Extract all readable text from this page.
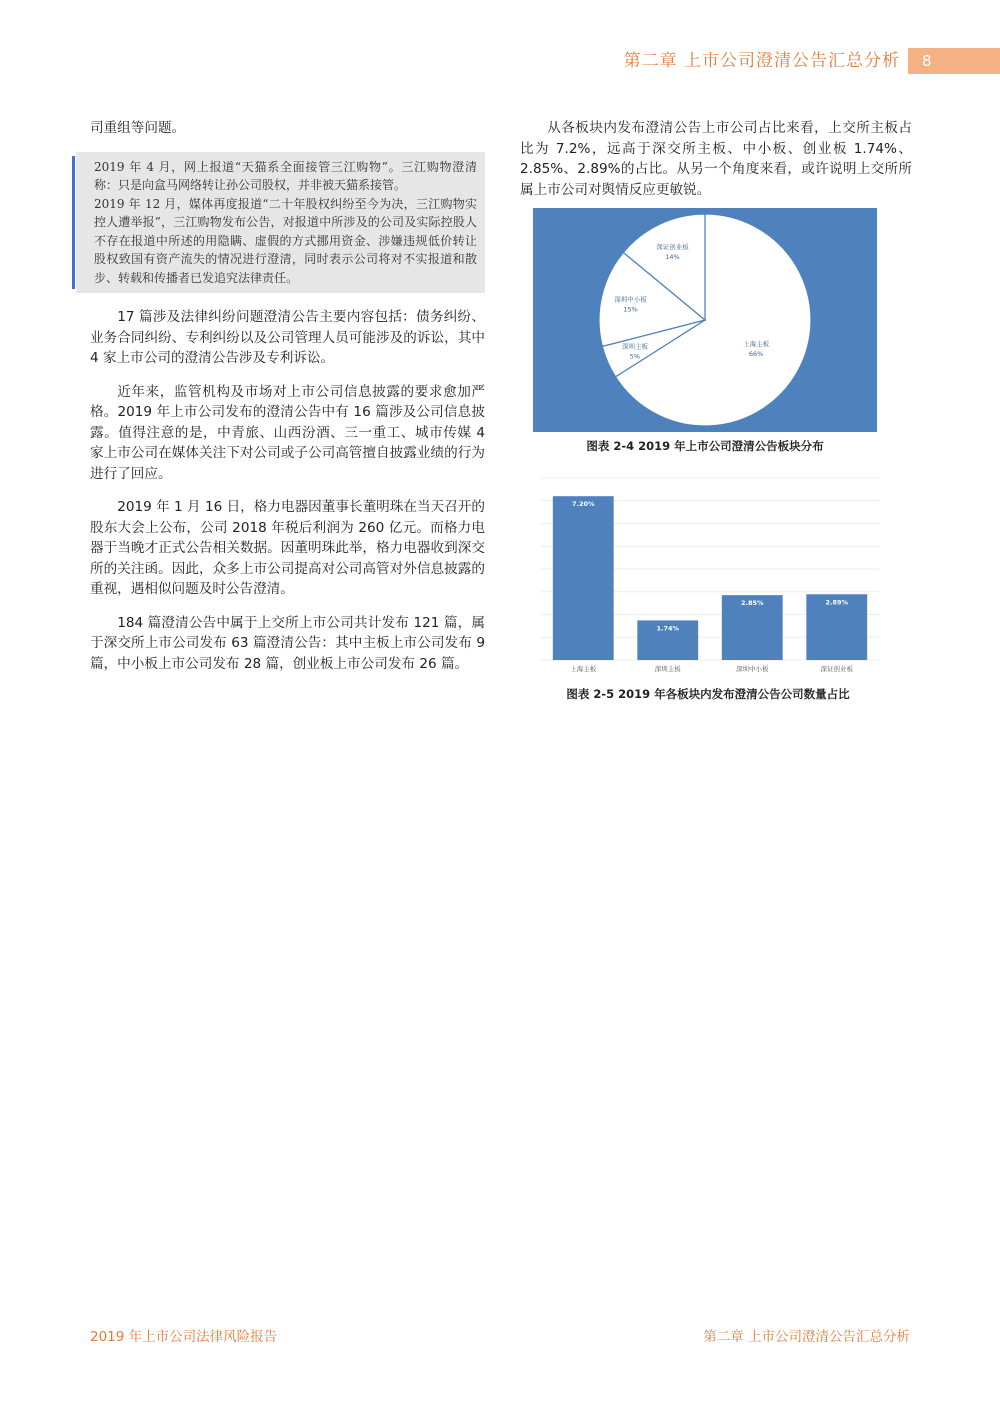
第二章 上市公司澄清公告汇总分析	8

司重组等问题。

2019 年 4 月，网上报道“天猫系全面接管三江购物”。三江购物澄清称：只是向盒马网络转让孙公司股权，并非被天猫系接管。

2019 年 12 月，媒体再度报道“二十年股权纠纷至今为决，三江购物实控人遭举报”，三江购物发布公告，对报道中所涉及的公司及实际控股人不存在报道中所述的用隐瞒、虚假的方式挪用资金、涉嫌违规低价转让股权致国有资产流失的情况进行澄清，同时表示公司将对不实报道和散步、转载和传播者已发追究法律责任。

17 篇涉及法律纠纷问题澄清公告主要内容包括：债务纠纷、业务合同纠纷、专利纠纷以及公司管理人员可能涉及的诉讼，其中 4 家上市公司的澄清公告涉及专利诉讼。

近年来，监管机构及市场对上市公司信息披露的要求愈加严格。2019 年上市公司发布的澄清公告中有 16 篇涉及公司信息披露。值得注意的是，中青旅、山西汾酒、三一重工、城市传媒 4 家上市公司在媒体关注下对公司或子公司高管擅自披露业绩的行为进行了回应。

2019 年 1 月 16 日，格力电器因董事长董明珠在当天召开的股东大会上公布，公司 2018 年税后利润为 260 亿元。而格力电器于当晚才正式公告相关数据。因董明珠此举，格力电器收到深交所的关注函。因此，众多上市公司提高对公司高管对外信息披露的重视，遇相似问题及时公告澄清。

184 篇澄清公告中属于上交所上市公司共计发布 121 篇，属于深交所上市公司发布 63 篇澄清公告：其中主板上市公司发布 9 篇，中小板上市公司发布 28 篇，创业板上市公司发布 26 篇。

从各板块内发布澄清公告上市公司占比来看，上交所主板占比为 7.2%，远高于深交所主板、中小板、创业板 1.74%、2.85%、2.89%的占比。从另一个角度来看，或许说明上交所所属上市公司对舆情反应更敏锐。

上海主板
66%
深圳主板
5%
深圳中小板
15%
深证创业板
14%

图表 2-4 2019 年上市公司澄清公告板块分布

7.20%
上海主板
1.74%
深圳主板
2.85%
深圳中小板
2.89%
深证创业板

图表 2-5 2019 年各板块内发布澄清公告公司数量占比

2019 年上市公司法律风险报告	第二章 上市公司澄清公告汇总分析
